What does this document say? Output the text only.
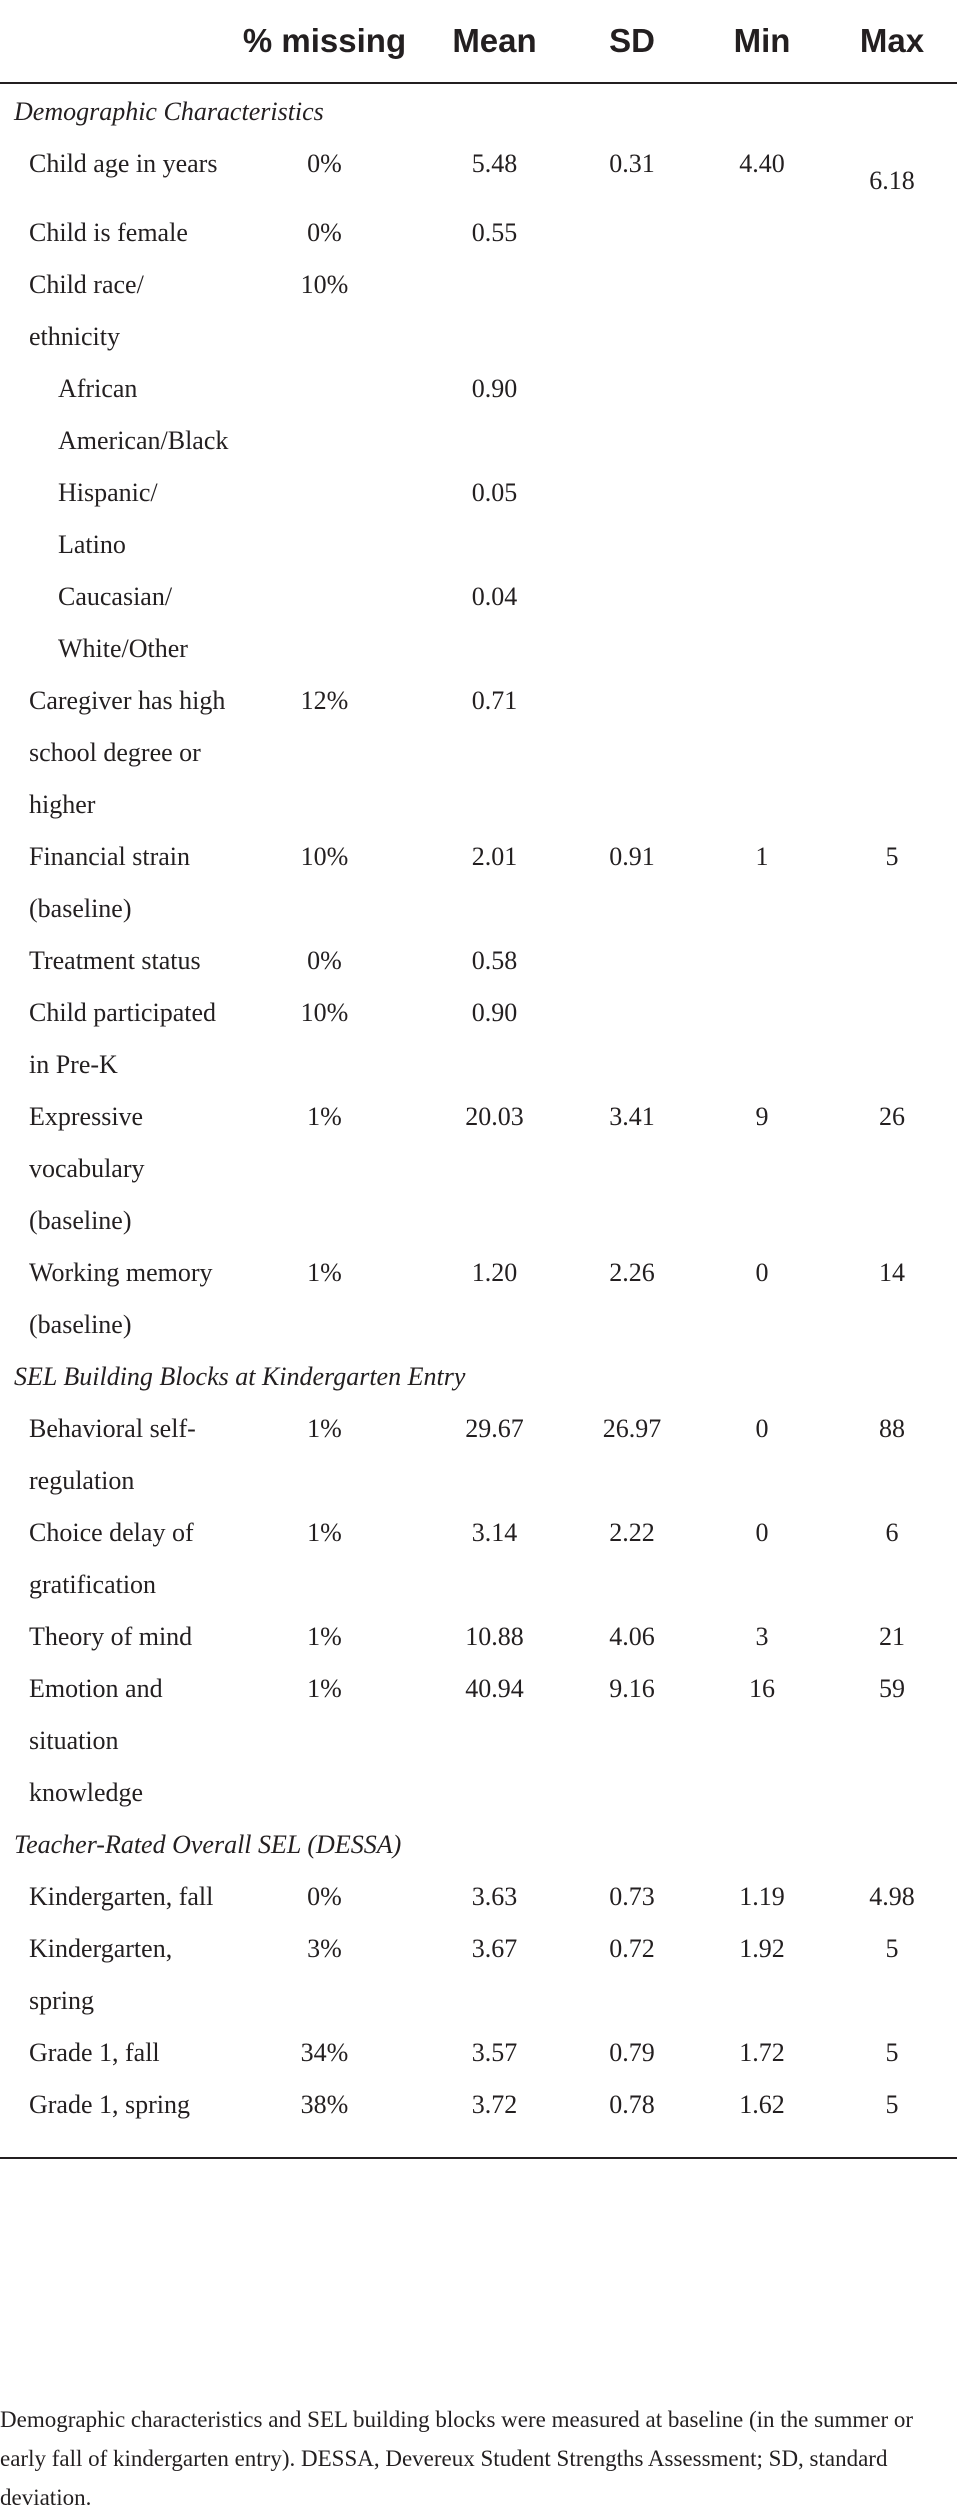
	% missing	Mean	SD	Min	Max
Demographic Characteristics					
Child age in years	0%	5.48	0.31	4.40	6.18
Child is female	0%	0.55			
Child race/ ethnicity	10%				
African American/Black		0.90			
Hispanic/ Latino		0.05			
Caucasian/ White/Other		0.04			
Caregiver has high school degree or higher	12%	0.71			
Financial strain (baseline)	10%	2.01	0.91	1	5
Treatment status	0%	0.58			
Child participated in Pre-K	10%	0.90			
Expressive vocabulary (baseline)	1%	20.03	3.41	9	26
Working memory (baseline)	1%	1.20	2.26	0	14
SEL Building Blocks at Kindergarten Entry					
Behavioral self-regulation	1%	29.67	26.97	0	88
Choice delay of gratification	1%	3.14	2.22	0	6
Theory of mind	1%	10.88	4.06	3	21
Emotion and situation knowledge	1%	40.94	9.16	16	59
Teacher-Rated Overall SEL (DESSA)					
Kindergarten, fall	0%	3.63	0.73	1.19	4.98
Kindergarten, spring	3%	3.67	0.72	1.92	5
Grade 1, fall	34%	3.57	0.79	1.72	5
Grade 1, spring	38%	3.72	0.78	1.62	5

Demographic characteristics and SEL building blocks were measured at baseline (in the summer or early fall of kindergarten entry). DESSA, Devereux Student Strengths Assessment; SD, standard deviation.
